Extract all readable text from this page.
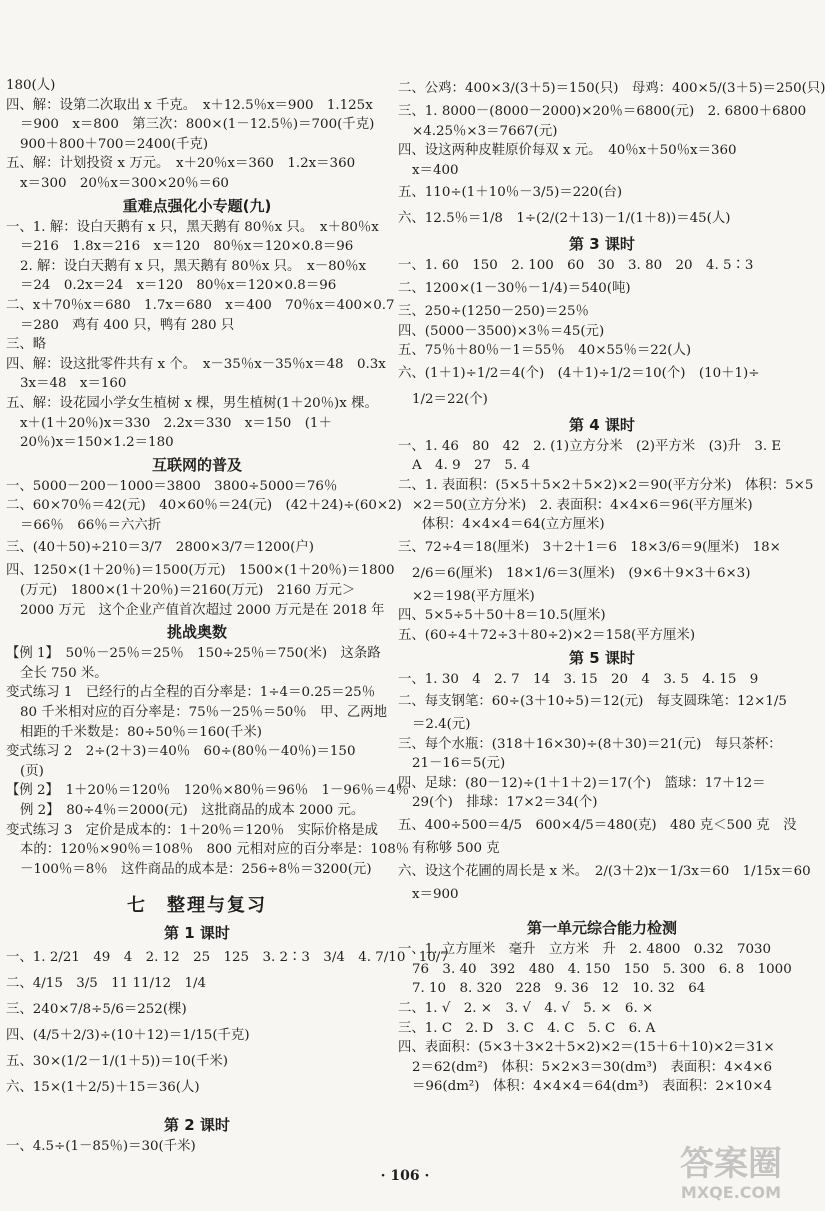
180(人)
四、解：设第二次取出 x 千克。　x＋12.5％x＝900　1.125x
＝900　x＝800　第三次：800×(1－12.5％)＝700(千克)
900＋800＋700＝2400(千克)
五、解：计划投资 x 万元。　x＋20％x＝360　1.2x＝360
x＝300　20％x＝300×20％＝60
重难点强化小专题(九)
一、1. 解：设白天鹅有 x 只，黑天鹅有 80％x 只。　x＋80％x
＝216　1.8x＝216　x＝120　80％x＝120×0.8＝96
2. 解：设白天鹅有 x 只，黑天鹅有 80％x 只。　x－80％x
＝24　0.2x＝24　x＝120　80％x＝120×0.8＝96
二、x＋70％x＝680　1.7x＝680　x＝400　70％x＝400×0.7
＝280　鸡有 400 只，鸭有 280 只
三、略
四、解：设这批零件共有 x 个。　x－35％x－35％x＝48　0.3x
3x＝48　x＝160
五、解：设花园小学女生植树 x 棵，男生植树(1＋20％)x 棵。
x＋(1＋20％)x＝330　2.2x＝330　x＝150　(1＋
20％)x＝150×1.2＝180
互联网的普及
一、5000－200－1000＝3800　3800÷5000＝76％
二、60×70％＝42(元)　40×60％＝24(元)　(42＋24)÷(60×2)
＝66％　66％＝六六折
三、(40＋50)÷210＝3/7　2800×3/7＝1200(户)
四、1250×(1＋20％)＝1500(万元)　1500×(1＋20％)＝1800
(万元)　1800×(1＋20％)＝2160(万元)　2160 万元＞
2000 万元　这个企业产值首次超过 2000 万元是在 2018 年
挑战奥数
【例 1】　50％－25％＝25％　150÷25％＝750(米)　这条路
全长 750 米。
变式练习 1　已经行的占全程的百分率是：1÷4＝0.25＝25％
80 千米相对应的百分率是：75％－25％＝50％　甲、乙两地
相距的千米数是：80÷50％＝160(千米)
变式练习 2　2÷(2＋3)＝40％　60÷(80％－40％)＝150
(页)
【例 2】　1＋20％＝120％　120％×80％＝96％　1－96％＝4％
例 2】　80÷4％＝2000(元)　这批商品的成本 2000 元。
变式练习 3　定价是成本的：1＋20％＝120％　实际价格是成
本的：120％×90％＝108％　800 元相对应的百分率是：108％
－100％＝8％　这件商品的成本是：256÷8％＝3200(元)
七　整理与复习
第 1 课时
一、1. 2/21　49　4　2. 12　25　125　3. 2∶3　3/4　4. 7/10　10/7
二、4/15　3/5　11 11/12　1/4
三、240×7/8÷5/6＝252(棵)
四、(4/5＋2/3)÷(10＋12)＝1/15(千克)
五、30×(1/2－1/(1＋5))＝10(千米)
六、15×(1＋2/5)＋15＝36(人)
第 2 课时
一、4.5÷(1－85％)＝30(千米)
二、公鸡：400×3/(3＋5)＝150(只)　母鸡：400×5/(3＋5)＝250(只)
三、1. 8000－(8000－2000)×20％＝6800(元)　2. 6800＋6800
×4.25％×3＝7667(元)
四、设这两种皮鞋原价每双 x 元。　40％x＋50％x＝360
x＝400
五、110÷(1＋10％－3/5)＝220(台)
六、12.5％＝1/8　1÷(2/(2＋13)－1/(1＋8))＝45(人)
第 3 课时
一、1. 60　150　2. 100　60　30　3. 80　20　4. 5∶3
二、1200×(1－30％－1/4)＝540(吨)
三、250÷(1250－250)＝25％
四、(5000－3500)×3％＝45(元)
五、75％＋80％－1＝55％　40×55％＝22(人)
六、(1＋1)÷1/2＝4(个)　(4＋1)÷1/2＝10(个)　(10＋1)÷
1/2＝22(个)
第 4 课时
一、1. 46　80　42　2. (1)立方分米　(2)平方米　(3)升　3. E
A　4. 9　27　5. 4
二、1. 表面积：(5×5＋5×2＋5×2)×2＝90(平方分米)　体积：5×5
×2＝50(立方分米)　2. 表面积：4×4×6＝96(平方厘米)
体积：4×4×4＝64(立方厘米)
三、72÷4＝18(厘米)　3＋2＋1＝6　18×3/6＝9(厘米)　18×
2/6＝6(厘米)　18×1/6＝3(厘米)　(9×6＋9×3＋6×3)
×2＝198(平方厘米)
四、5×5÷5＋50＋8＝10.5(厘米)
五、(60÷4＋72÷3＋80÷2)×2＝158(平方厘米)
第 5 课时
一、1. 30　4　2. 7　14　3. 15　20　4　3. 5　4. 15　9
二、每支钢笔：60÷(3＋10÷5)＝12(元)　每支圆珠笔：12×1/5
＝2.4(元)
三、每个水瓶：(318＋16×30)÷(8＋30)＝21(元)　每只茶杯：
21－16＝5(元)
四、足球：(80－12)÷(1＋1＋2)＝17(个)　篮球：17＋12＝
29(个)　排球：17×2＝34(个)
五、400÷500＝4/5　600×4/5＝480(克)　480 克＜500 克　没
有称够 500 克
六、设这个花圃的周长是 x 米。　2/(3＋2)x－1/3x＝60　1/15x＝60
x＝900
第一单元综合能力检测
一、1. 立方厘米　毫升　立方米　升　2. 4800　0.32　7030
76　3. 40　392　480　4. 150　150　5. 300　6. 8　1000
7. 10　8. 320　228　9. 36　12　10. 32　64
二、1. √　2. ×　3. √　4. √　5. ×　6. ×
三、1. C　2. D　3. C　4. C　5. C　6. A
四、表面积：(5×3＋3×2＋5×2)×2＝(15＋6＋10)×2＝31×
2＝62(dm²)　体积：5×2×3＝30(dm³)　表面积：4×4×6
＝96(dm²)　体积：4×4×4＝64(dm³)　表面积：2×10×4
· 106 ·	答案圈
MXQE.COM
